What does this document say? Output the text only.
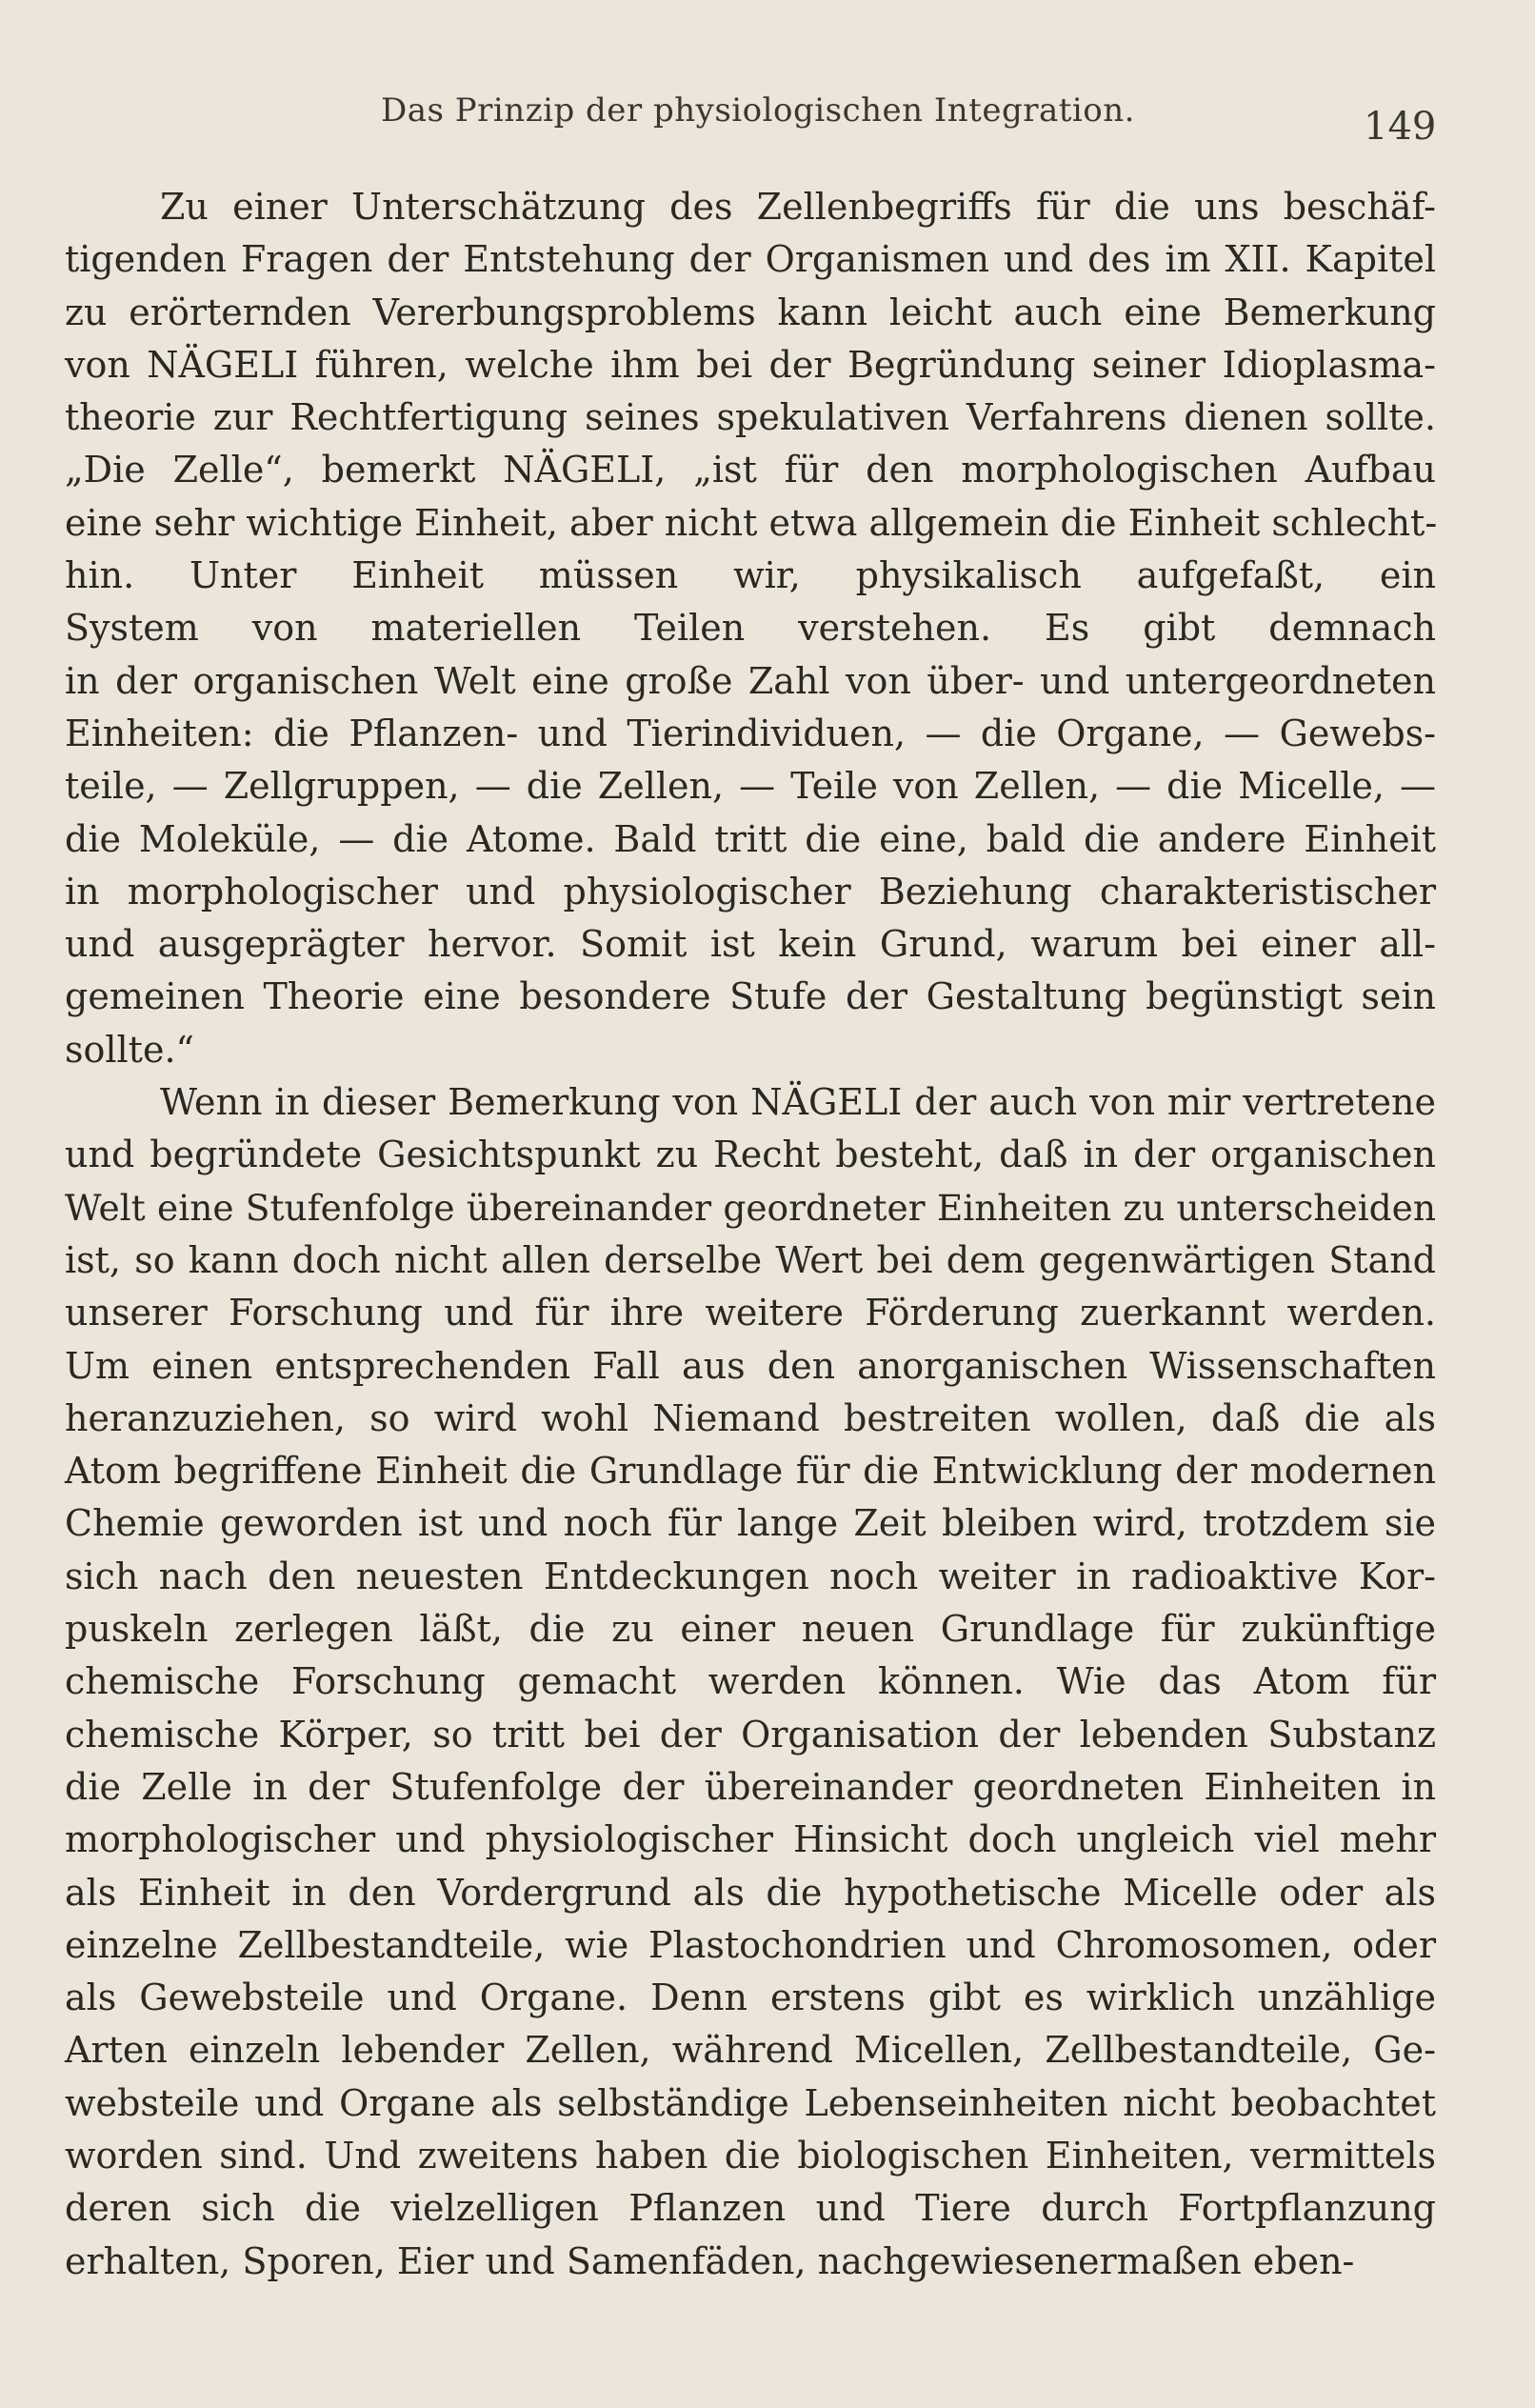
Das Prinzip der physiologischen Integration.	149
Zu einer Unterschätzung des Zellenbegriffs für die uns beschäf-
tigenden Fragen der Entstehung der Organismen und des im XII. Kapitel
zu erörternden Vererbungsproblems kann leicht auch eine Bemerkung
von NÄGELI führen, welche ihm bei der Begründung seiner Idioplasma-
theorie zur Rechtfertigung seines spekulativen Verfahrens dienen sollte.
„Die Zelle“, bemerkt NÄGELI, „ist für den morphologischen Aufbau
eine sehr wichtige Einheit, aber nicht etwa allgemein die Einheit schlecht-
hin. Unter Einheit müssen wir, physikalisch aufgefaßt, ein
System von materiellen Teilen verstehen. Es gibt demnach
in der organischen Welt eine große Zahl von über- und untergeordneten
Einheiten: die Pflanzen- und Tierindividuen, — die Organe, — Gewebs-
teile, — Zellgruppen, — die Zellen, — Teile von Zellen, — die Micelle, —
die Moleküle, — die Atome. Bald tritt die eine, bald die andere Einheit
in morphologischer und physiologischer Beziehung charakteristischer
und ausgeprägter hervor. Somit ist kein Grund, warum bei einer all-
gemeinen Theorie eine besondere Stufe der Gestaltung begünstigt sein
sollte.“
Wenn in dieser Bemerkung von NÄGELI der auch von mir vertretene
und begründete Gesichtspunkt zu Recht besteht, daß in der organischen
Welt eine Stufenfolge übereinander geordneter Einheiten zu unterscheiden
ist, so kann doch nicht allen derselbe Wert bei dem gegenwärtigen Stand
unserer Forschung und für ihre weitere Förderung zuerkannt werden.
Um einen entsprechenden Fall aus den anorganischen Wissenschaften
heranzuziehen, so wird wohl Niemand bestreiten wollen, daß die als
Atom begriffene Einheit die Grundlage für die Entwicklung der modernen
Chemie geworden ist und noch für lange Zeit bleiben wird, trotzdem sie
sich nach den neuesten Entdeckungen noch weiter in radioaktive Kor-
puskeln zerlegen läßt, die zu einer neuen Grundlage für zukünftige
chemische Forschung gemacht werden können. Wie das Atom für
chemische Körper, so tritt bei der Organisation der lebenden Substanz
die Zelle in der Stufenfolge der übereinander geordneten Einheiten in
morphologischer und physiologischer Hinsicht doch ungleich viel mehr
als Einheit in den Vordergrund als die hypothetische Micelle oder als
einzelne Zellbestandteile, wie Plastochondrien und Chromosomen, oder
als Gewebsteile und Organe. Denn erstens gibt es wirklich unzählige
Arten einzeln lebender Zellen, während Micellen, Zellbestandteile, Ge-
websteile und Organe als selbständige Lebenseinheiten nicht beobachtet
worden sind. Und zweitens haben die biologischen Einheiten, vermittels
deren sich die vielzelligen Pflanzen und Tiere durch Fortpflanzung
erhalten, Sporen, Eier und Samenfäden, nachgewiesenermaßen eben-
